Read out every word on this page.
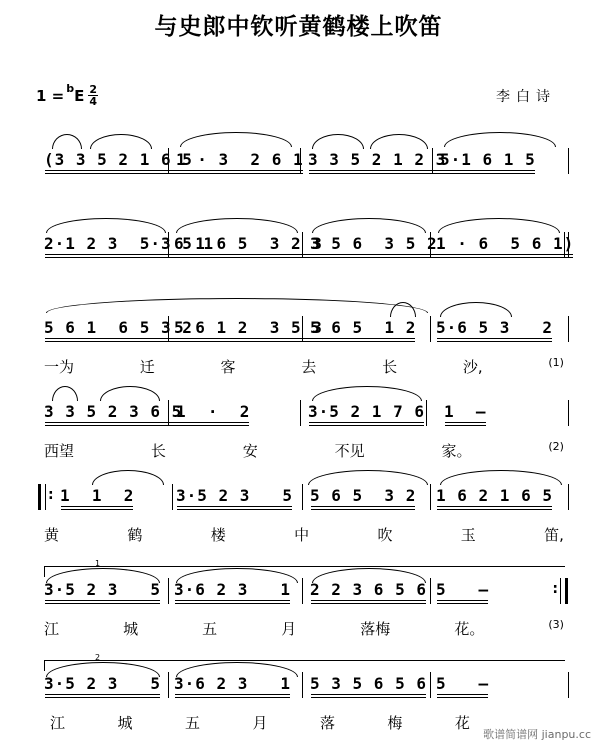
与史郎中钦听黄鹤楼上吹笛
1 = b E $\frac{2}{4}$	李白诗
(3 3 5 2 1 6 5
1 · 3  2 6 1 3 3 5 2 1 2 3
5·1 6 1 5
2·1 2 3  5·3 5 1
6 1 6 5  3 2 3
3 5 6  3 5 2
1 · 6  5 6 1)
5 6 1  6 5 3 2
5 6 1 2  3 5 3
5 6 5  1 2 5·6 5 3   2
一为	迁	客	去	长	沙,	(1)
3 3 5 2 3 6 5
1  ·  2	3·5 2 1 7 6 1  –
西望	长	安	不见	家。	(2)
:
1  1  2	3·5 2 3   5 5 6 5  3 2 1 6 2 1 6 5
黄	鹤	楼	中	吹	玉	笛,
1
3·5 2 3   5 3·6 2 3   1 2 2 3 6 5 6 5   –
:
江	城	五	月	落梅	花。	(3)
2
3·5 2 3   5 3·6 2 3   1 5 3 5 6 5 6 5   –
江	城	五	月	落	梅	花
歌谱简谱网 jianpu.cc
